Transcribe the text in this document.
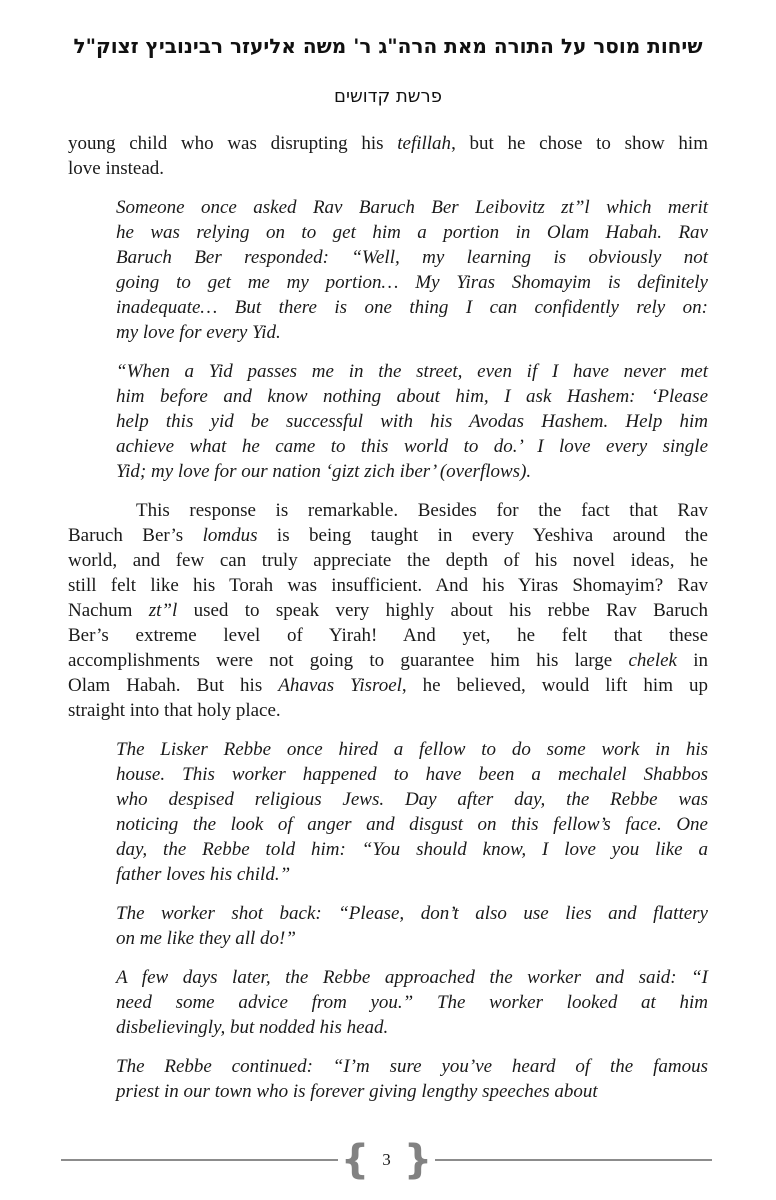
שיחות מוסר על התורה מאת הרה"ג ר' משה אליעזר רבינוביץ זצוק"ל
פרשת קדושים
young child who was disrupting his tefillah, but he chose to show him
love instead.
Someone once asked Rav Baruch Ber Leibovitz zt”l which merit
he was relying on to get him a portion in Olam Habah. Rav
Baruch Ber responded: “Well, my learning is obviously not
going to get me my portion… My Yiras Shomayim is definitely
inadequate… But there is one thing I can confidently rely on:
my love for every Yid.
“When a Yid passes me in the street, even if I have never met
him before and know nothing about him, I ask Hashem: ‘Please
help this yid be successful with his Avodas Hashem. Help him
achieve what he came to this world to do.’ I love every single
Yid; my love for our nation ‘gizt zich iber’ (overflows).
This response is remarkable. Besides for the fact that Rav
Baruch Ber’s lomdus is being taught in every Yeshiva around the
world, and few can truly appreciate the depth of his novel ideas, he
still felt like his Torah was insufficient. And his Yiras Shomayim? Rav
Nachum zt”l used to speak very highly about his rebbe Rav Baruch
Ber’s extreme level of Yirah! And yet, he felt that these
accomplishments were not going to guarantee him his large chelek in
Olam Habah. But his Ahavas Yisroel, he believed, would lift him up
straight into that holy place.
The Lisker Rebbe once hired a fellow to do some work in his
house. This worker happened to have been a mechalel Shabbos
who despised religious Jews. Day after day, the Rebbe was
noticing the look of anger and disgust on this fellow’s face. One
day, the Rebbe told him: “You should know, I love you like a
father loves his child.”
The worker shot back: “Please, don’t also use lies and flattery
on me like they all do!”
A few days later, the Rebbe approached the worker and said: “I
need some advice from you.” The worker looked at him
disbelievingly, but nodded his head.
The Rebbe continued: “I’m sure you’ve heard of the famous
priest in our town who is forever giving lengthy speeches about
{ 3 }
